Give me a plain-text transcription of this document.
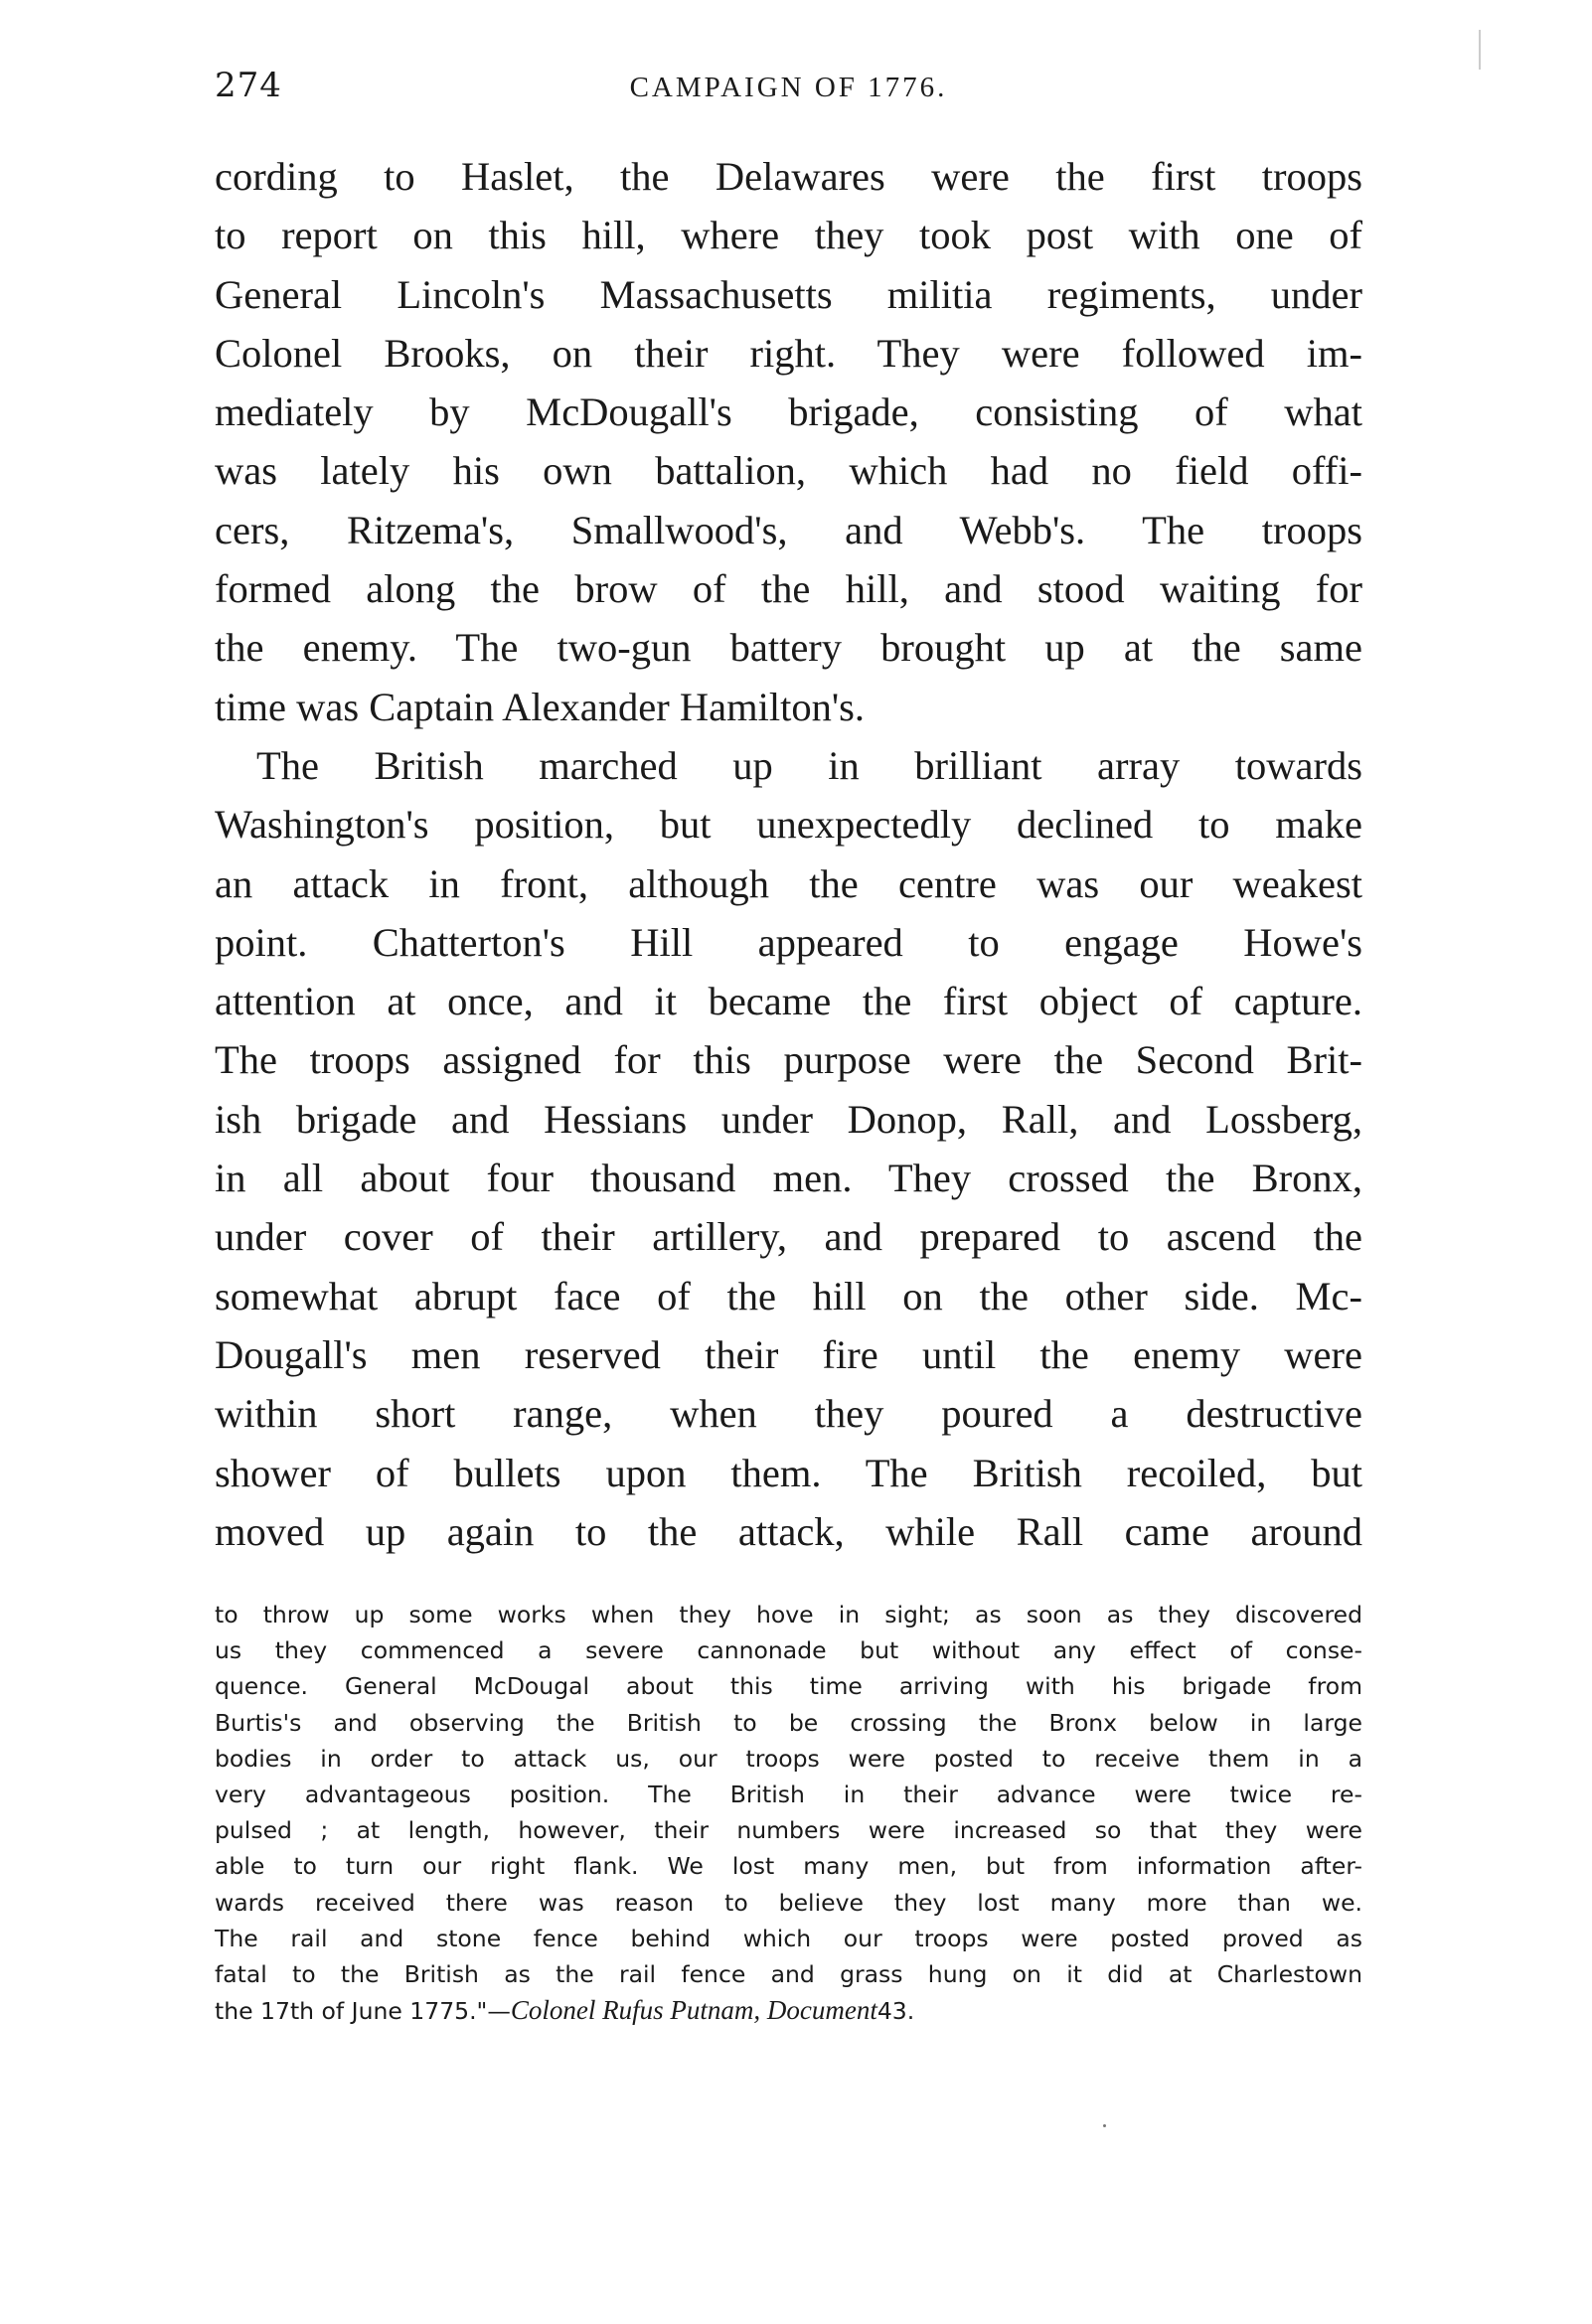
274	CAMPAIGN OF 1776.
cording to Haslet, the Delawares were the first troops
to report on this hill, where they took post with one of
General Lincoln's Massachusetts militia regiments, under
Colonel Brooks, on their right. They were followed im-
mediately by McDougall's brigade, consisting of what
was lately his own battalion, which had no field offi-
cers, Ritzema's, Smallwood's, and Webb's. The troops
formed along the brow of the hill, and stood waiting for
the enemy. The two-gun battery brought up at the same
time was Captain Alexander Hamilton's.
The British marched up in brilliant array towards
Washington's position, but unexpectedly declined to make
an attack in front, although the centre was our weakest
point. Chatterton's Hill appeared to engage Howe's
attention at once, and it became the first object of capture.
The troops assigned for this purpose were the Second Brit-
ish brigade and Hessians under Donop, Rall, and Lossberg,
in all about four thousand men. They crossed the Bronx,
under cover of their artillery, and prepared to ascend the
somewhat abrupt face of the hill on the other side. Mc-
Dougall's men reserved their fire until the enemy were
within short range, when they poured a destructive
shower of bullets upon them. The British recoiled, but
moved up again to the attack, while Rall came around
to throw up some works when they hove in sight; as soon as they discovered
us they commenced a severe cannonade but without any effect of conse-
quence. General McDougal about this time arriving with his brigade from
Burtis's and observing the British to be crossing the Bronx below in large
bodies in order to attack us, our troops were posted to receive them in a
very advantageous position. The British in their advance were twice re-
pulsed ; at length, however, their numbers were increased so that they were
able to turn our right flank. We lost many men, but from information after-
wards received there was reason to believe they lost many more than we.
The rail and stone fence behind which our troops were posted proved as
fatal to the British as the rail fence and grass hung on it did at Charlestown
the 17th of June 1775."—Colonel Rufus Putnam, Document43.
